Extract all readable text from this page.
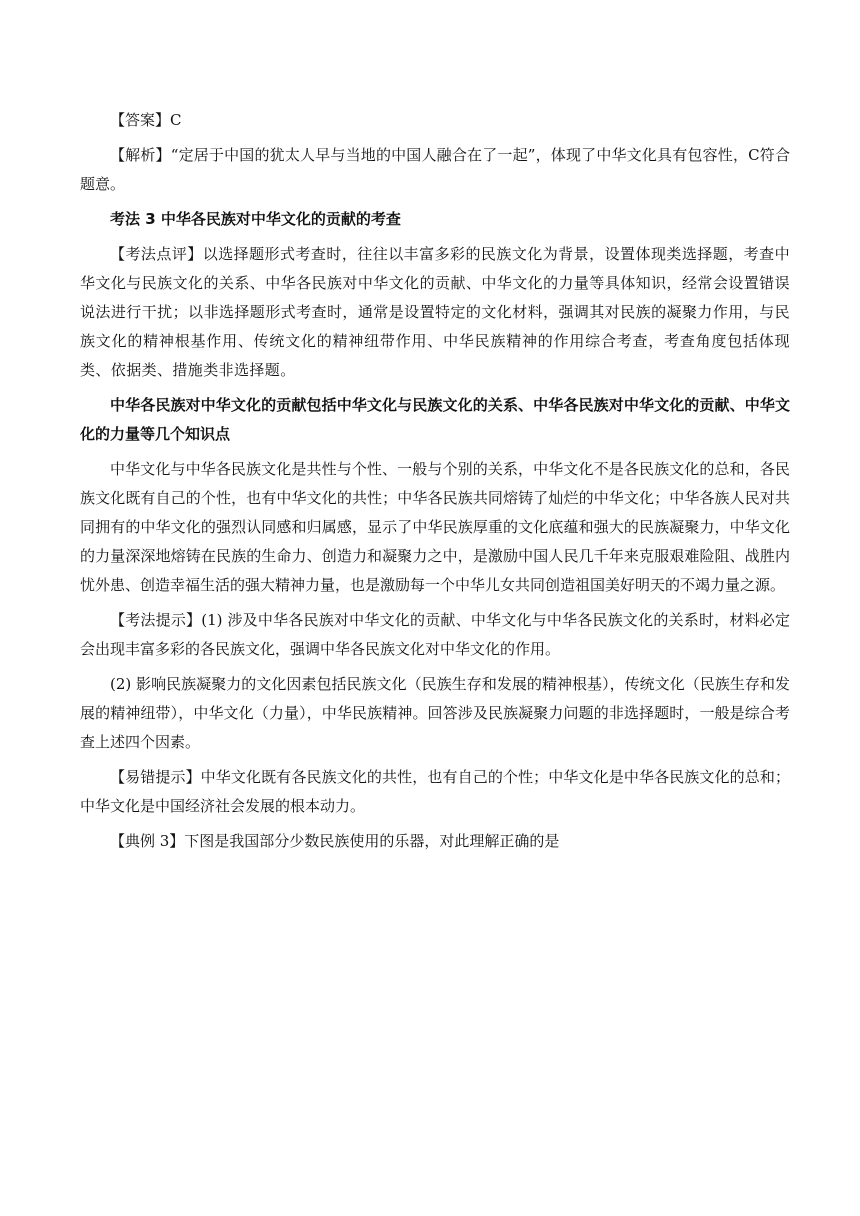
【答案】C

【解析】“定居于中国的犹太人早与当地的中国人融合在了一起”，体现了中华文化具有包容性，C符合题意。

考法 3 中华各民族对中华文化的贡献的考查

【考法点评】以选择题形式考查时，往往以丰富多彩的民族文化为背景，设置体现类选择题，考查中华文化与民族文化的关系、中华各民族对中华文化的贡献、中华文化的力量等具体知识，经常会设置错误说法进行干扰；以非选择题形式考查时，通常是设置特定的文化材料，强调其对民族的凝聚力作用，与民族文化的精神根基作用、传统文化的精神纽带作用、中华民族精神的作用综合考查，考查角度包括体现类、依据类、措施类非选择题。

中华各民族对中华文化的贡献包括中华文化与民族文化的关系、中华各民族对中华文化的贡献、中华文化的力量等几个知识点

中华文化与中华各民族文化是共性与个性、一般与个别的关系，中华文化不是各民族文化的总和，各民族文化既有自己的个性，也有中华文化的共性；中华各民族共同熔铸了灿烂的中华文化；中华各族人民对共同拥有的中华文化的强烈认同感和归属感，显示了中华民族厚重的文化底蕴和强大的民族凝聚力，中华文化的力量深深地熔铸在民族的生命力、创造力和凝聚力之中，是激励中国人民几千年来克服艰难险阻、战胜内忧外患、创造幸福生活的强大精神力量，也是激励每一个中华儿女共同创造祖国美好明天的不竭力量之源。

【考法提示】(1) 涉及中华各民族对中华文化的贡献、中华文化与中华各民族文化的关系时，材料必定会出现丰富多彩的各民族文化，强调中华各民族文化对中华文化的作用。

(2) 影响民族凝聚力的文化因素包括民族文化（民族生存和发展的精神根基），传统文化（民族生存和发展的精神纽带），中华文化（力量），中华民族精神。回答涉及民族凝聚力问题的非选择题时，一般是综合考查上述四个因素。

【易错提示】中华文化既有各民族文化的共性，也有自己的个性；中华文化是中华各民族文化的总和；中华文化是中国经济社会发展的根本动力。

【典例 3】下图是我国部分少数民族使用的乐器，对此理解正确的是
